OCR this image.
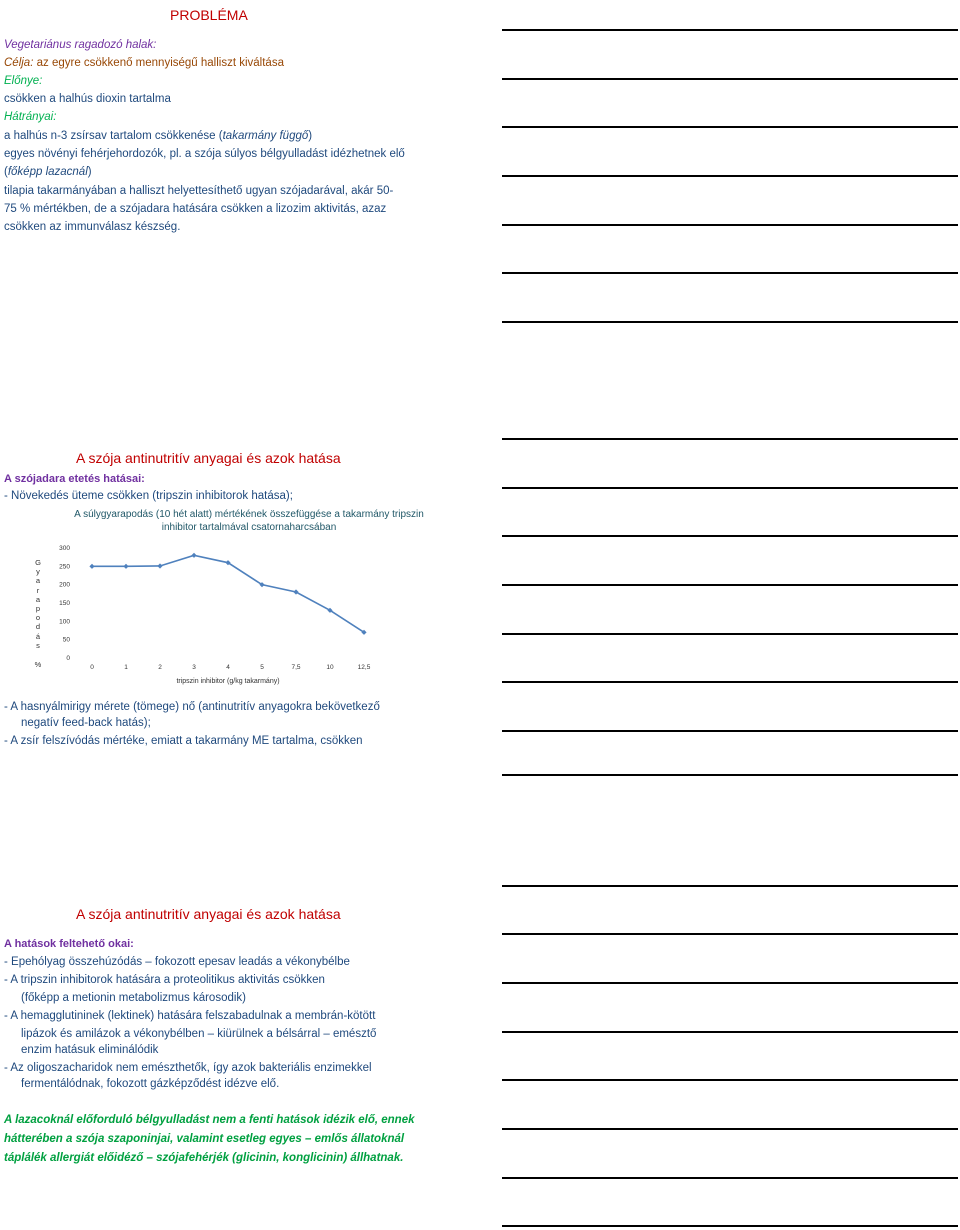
PROBLÉMA
Vegetariánus ragadozó halak:
Célja: az egyre csökkenő mennyiségű halliszt kiváltása
Előnye:
csökken a halhús dioxin tartalma
Hátrányai:
a halhús n-3 zsírsav tartalom csökkenése (takarmány függő)
egyes növényi fehérjehordozók, pl. a szója súlyos bélgyulladást idézhetnek elő
(főképp lazacnál)
tilapia takarmányában a halliszt helyettesíthető ugyan szójadarával, akár 50-
75 % mértékben, de a szójadara hatására csökken a lizozim aktivitás, azaz
csökken az immunválasz készség.
A szója antinutritív anyagai és azok hatása
A szójadara etetés hatásai:
- Növekedés üteme csökken (tripszin inhibitorok hatása);
A súlygyarapodás (10 hét alatt) mértékének összefüggése a takarmány tripszin
inhibitor tartalmával csatornaharcsában
G
y
a
r
a
p
o
d
á
s
%
0
50
100
150
200
250
300
0	1	2	3	4	5	7,5	10	12,5
tripszin inhibitor (g/kg takarmány)
- A hasnyálmirigy mérete (tömege) nő (antinutritív anyagokra bekövetkező
negatív feed-back hatás);
- A zsír felszívódás mértéke, emiatt a takarmány ME tartalma, csökken
A szója antinutritív anyagai és azok hatása
A hatások feltehető okai:
- Epehólyag összehúzódás – fokozott epesav leadás a vékonybélbe
- A tripszin inhibitorok hatására a proteolitikus aktivitás csökken
(főképp a metionin metabolizmus károsodik)
- A hemagglutininek (lektinek) hatására felszabadulnak a membrán-kötött
lipázok és amilázok a vékonybélben – kiürülnek a bélsárral – emésztő
enzim hatásuk eliminálódik
- Az oligoszacharidok nem emészthetők, így azok bakteriális enzimekkel
fermentálódnak, fokozott gázképződést idézve elő.
A lazacoknál előforduló bélgyulladást nem a fenti hatások idézik elő, ennek
hátterében a szója szaponinjai, valamint esetleg egyes – emlős állatoknál
táplálék allergiát előidéző – szójafehérjék (glicinin, konglicinin) állhatnak.
